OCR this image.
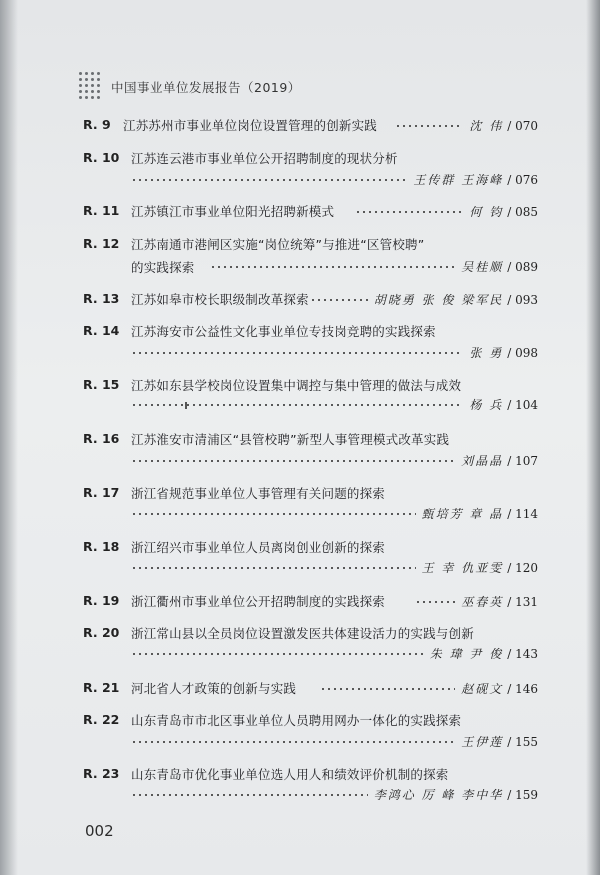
中国事业单位发展报告（2019）
R. 9 江苏苏州市事业单位岗位设置管理的创新实践	沈 伟 / 070
R. 10 江苏连云港市事业单位公开招聘制度的现状分析
王传群 王海峰 / 076
R. 11 江苏镇江市事业单位阳光招聘新模式	何 钧 / 085
R. 12 江苏南通市港闸区实施“岗位统筹”与推进“区管校聘”
的实践探索	吴桂顺 / 089
R. 13 江苏如皋市校长职级制改革探索	胡晓勇 张 俊 梁军民 / 093
R. 14 江苏海安市公益性文化事业单位专技岗竞聘的实践探索
张 勇 / 098
R. 15 江苏如东县学校岗位设置集中调控与集中管理的做法与成效
杨 兵 / 104
R. 16 江苏淮安市清浦区“县管校聘”新型人事管理模式改革实践
刘晶晶 / 107
R. 17 浙江省规范事业单位人事管理有关问题的探索
甄培芳 章 晶 / 114
R. 18 浙江绍兴市事业单位人员离岗创业创新的探索
王 幸 仇亚雯 / 120
R. 19 浙江衢州市事业单位公开招聘制度的实践探索	巫春英 / 131
R. 20 浙江常山县以全员岗位设置激发医共体建设活力的实践与创新
朱 瑋 尹 俊 / 143
R. 21 河北省人才政策的创新与实践	赵砚文 / 146
R. 22 山东青岛市市北区事业单位人员聘用网办一体化的实践探索
王伊莲 / 155
R. 23 山东青岛市优化事业单位选人用人和绩效评价机制的探索
李鸿心 厉 峰 李中华 / 159
002
